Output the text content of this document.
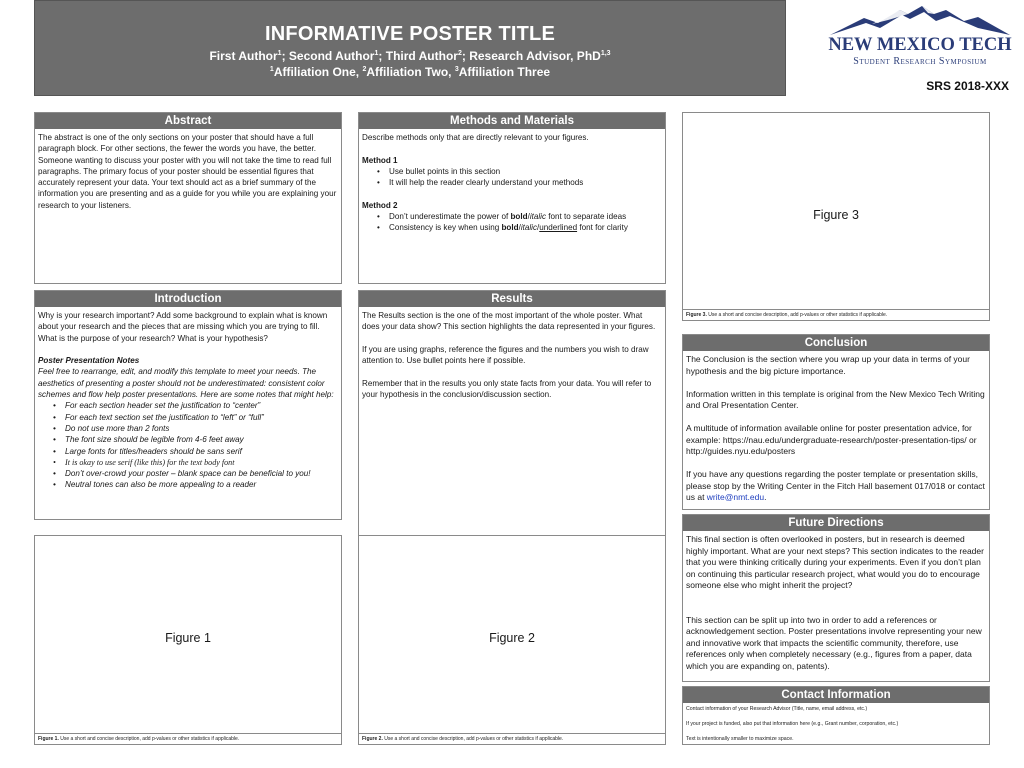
INFORMATIVE POSTER TITLE
First Author$^1$; Second Author$^1$; Third Author$^2$; Research Advisor, PhD$^{1,3}$
$^1$Affiliation One, $^2$Affiliation Two, $^3$Affiliation Three
NEW MEXICO TECH
Student Research Symposium
SRS 2018-XXX
Abstract

The abstract is one of the only sections on your poster that should have a full paragraph block. For other sections, the fewer the words you have, the better. Someone wanting to discuss your poster with you will not take the time to read full paragraphs. The primary focus of your poster should be essential figures that accurately represent your data. Your text should act as a brief summary of the information you are presenting and as a guide for you while you are explaining your research to your listeners.

Methods and Materials

Describe methods only that are directly relevant to your figures.

Method 1
• Use bullet points in this section
• It will help the reader clearly understand your methods
Method 2
• Don’t underestimate the power of bold/italic font to separate ideas
• Consistency is key when using bold/italic/underlined font for clarity
Figure 3
Figure 3. Use a short and concise description, add p-values or other statistics if applicable.
Introduction

Why is your research important? Add some background to explain what is known about your research and the pieces that are missing which you are trying to fill. What is the purpose of your research? What is your hypothesis?

Poster Presentation Notes
Feel free to rearrange, edit, and modify this template to meet your needs. The aesthetics of presenting a poster should not be underestimated: consistent color schemes and flow help poster presentations. Here are some notes that might help:
• For each section header set the justification to “center”
• For each text section set the justification to “left” or “full”
• Do not use more than 2 fonts
• The font size should be legible from 4-6 feet away
• Large fonts for titles/headers should be sans serif
• It is okay to use serif (like this) for the text body font
• Don’t over-crowd your poster – blank space can be beneficial to you!
• Neutral tones can also be more appealing to a reader
Results

The Results section is the one of the most important of the whole poster. What does your data show? This section highlights the data represented in your figures.

If you are using graphs, reference the figures and the numbers you wish to draw attention to. Use bullet points here if possible.

Remember that in the results you only state facts from your data. You will refer to your hypothesis in the conclusion/discussion section.

Conclusion

The Conclusion is the section where you wrap up your data in terms of your hypothesis and the big picture importance.

Information written in this template is original from the New Mexico Tech Writing and Oral Presentation Center.

A multitude of information available online for poster presentation advice, for example: https://nau.edu/undergraduate-research/poster-presentation-tips/ or http://guides.nyu.edu/posters

If you have any questions regarding the poster template or presentation skills, please stop by the Writing Center in the Fitch Hall basement 017/018 or contact us at write@nmt.edu.

Future Directions

This final section is often overlooked in posters, but in research is deemed highly important. What are your next steps? This section indicates to the reader that you were thinking critically during your experiments. Even if you don’t plan on continuing this particular research project, what would you do to encourage someone else who might inherit the project?

This section can be split up into two in order to add a references or acknowledgement section. Poster presentations involve representing your new and innovative work that impacts the scientific community, therefore, use references only when completely necessary (e.g., figures from a paper, data which you are expanding on, patents).

Contact Information

Contact information of your Research Advisor (Title, name, email address, etc.)

If your project is funded, also put that information here (e.g., Grant number, corporation, etc.)

Text is intentionally smaller to maximize space.

Figure 1
Figure 1. Use a short and concise description, add p-values or other statistics if applicable.
Figure 2
Figure 2. Use a short and concise description, add p-values or other statistics if applicable.
